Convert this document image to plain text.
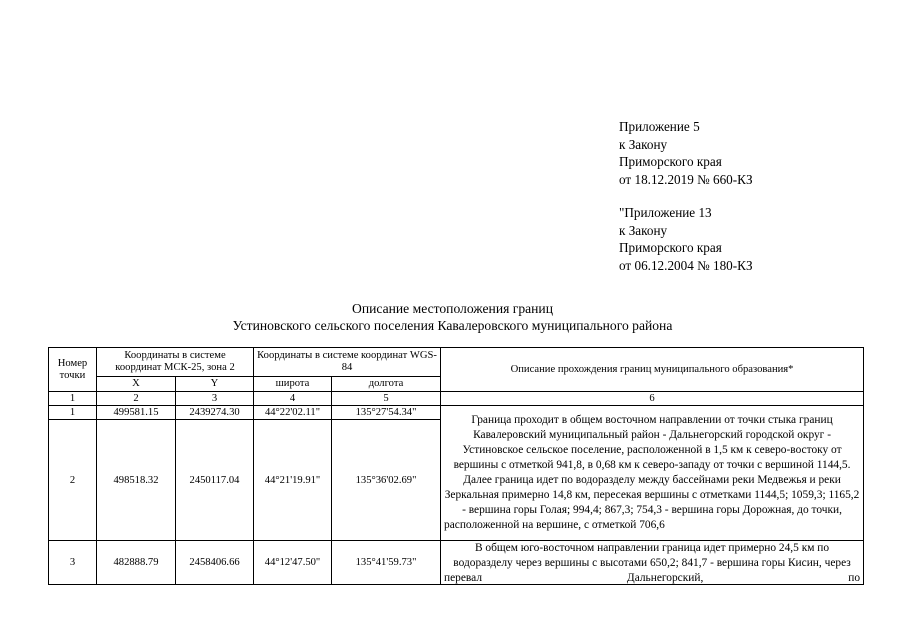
Приложение 5
к Закону
Приморского края
от 18.12.2019 № 660-КЗ
"Приложение 13
к Закону
Приморского края
от 06.12.2004 № 180-КЗ
Описание местоположения границ
Устиновского сельского поселения Кавалеровского муниципального района
Номер точки	Координаты в системе координат МСК-25, зона 2		Координаты в системе координат WGS-84		Описание прохождения границ муниципального образования*
	X	Y	широта	долгота	
1	2	3	4	5	6
1	499581.15	2439274.30	44°22'02.11"	135°27'54.34"	Граница проходит в общем восточном направлении от точки стыка границ Кавалеровский муниципальный район - Дальнегорский городской округ - Устиновское сельское поселение, расположенной в 1,5 км к северо-востоку от вершины с отметкой 941,8, в 0,68 км к северо-западу от точки с вершиной 1144,5. Далее граница идет по водоразделу между бассейнами реки Медвежья и реки Зеркальная примерно 14,8 км, пересекая вершины с отметками 1144,5; 1059,3; 1165,2 - вершина горы Голая; 994,4; 867,3; 754,3 - вершина горы Дорожная, до точки, расположенной на вершине, с отметкой 706,6
2	498518.32	2450117.04	44°21'19.91"	135°36'02.69"	
3	482888.79	2458406.66	44°12'47.50"	135°41'59.73"	В общем юго-восточном направлении граница идет примерно 24,5 км по водоразделу через вершины с высотами 650,2; 841,7 - вершина горы Кисин, через перевал Дальнегорский, по
